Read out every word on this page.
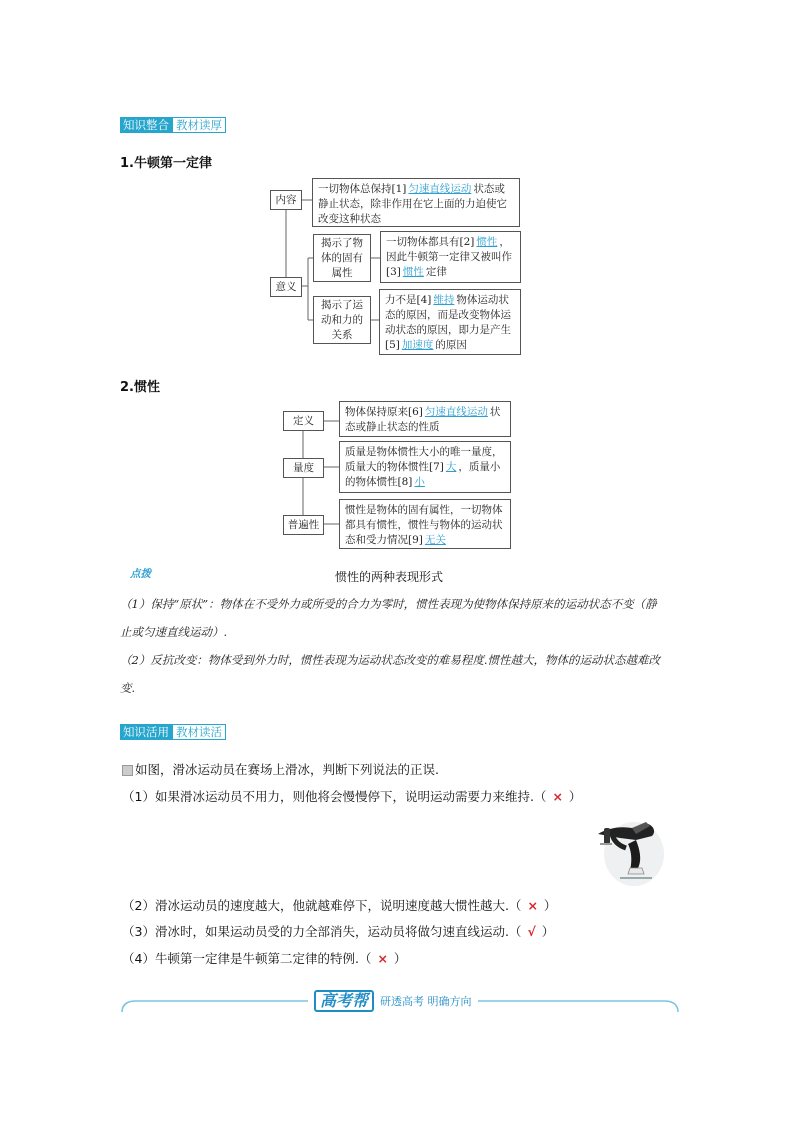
知识整合 教材读厚
1.牛顿第一定律
内容
一切物体总保持[1] 匀速直线运动 状态或静止状态，除非作用在它上面的力迫使它改变这种状态
意义
揭示了物体的固有属性
一切物体都具有[2] 惯性 ，因此牛顿第一定律又被叫作[3] 惯性 定律
揭示了运动和力的关系
力不是[4] 维持 物体运动状态的原因，而是改变物体运动状态的原因，即力是产生[5] 加速度 的原因
2.惯性
定义
物体保持原来[6] 匀速直线运动 状态或静止状态的性质
量度
质量是物体惯性大小的唯一量度，质量大的物体惯性[7] 大 ，质量小的物体惯性[8] 小
普遍性
惯性是物体的固有属性，一切物体都具有惯性，惯性与物体的运动状态和受力情况[9] 无关
点拨	惯性的两种表现形式
（1）保持“原状”：物体在不受外力或所受的合力为零时，惯性表现为使物体保持原来的运动状态不变（静止或匀速直线运动）.
（2）反抗改变：物体受到外力时，惯性表现为运动状态改变的难易程度.惯性越大，物体的运动状态越难改变.
知识活用 教材读活
如图，滑冰运动员在赛场上滑冰，判断下列说法的正误.
（1）如果滑冰运动员不用力，则他将会慢慢停下，说明运动需要力来维持.（ × ）
（2）滑冰运动员的速度越大，他就越难停下，说明速度越大惯性越大.（ × ）
（3）滑冰时，如果运动员受的力全部消失，运动员将做匀速直线运动.（ √ ）
（4）牛顿第一定律是牛顿第二定律的特例.（ × ）
高考帮	研透高考 明确方向
